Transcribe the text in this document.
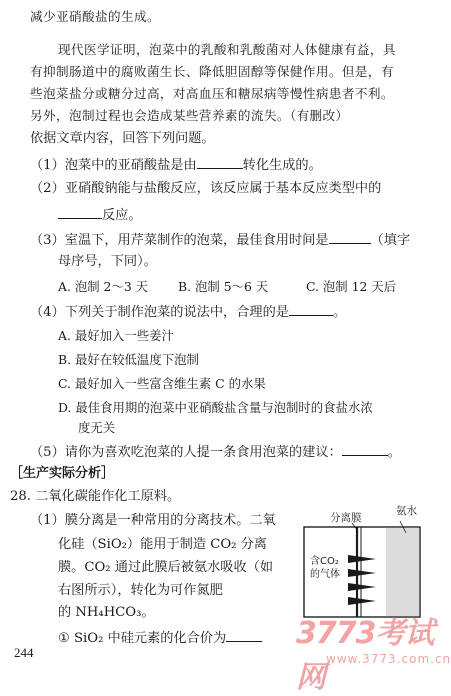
减少亚硝酸盐的生成。
现代医学证明，泡菜中的乳酸和乳酸菌对人体健康有益，具
有抑制肠道中的腐败菌生长、降低胆固醇等保健作用。但是，有
些泡菜盐分或糖分过高，对高血压和糖尿病等慢性病患者不利。
另外，泡制过程也会造成某些营养素的流失。（有删改）
依据文章内容，回答下列问题。
（1）泡菜中的亚硝酸盐是由	转化生成的。
（2）亚硝酸钠能与盐酸反应，该反应属于基本反应类型中的
反应。
（3）室温下，用芹菜制作的泡菜，最佳食用时间是	（填字
母序号，下同）。
A. 泡制 2～3 天 B. 泡制 5～6 天	C. 泡制 12 天后
（4）下列关于制作泡菜的说法中，合理的是	。
A. 最好加入一些姜汁
B. 最好在较低温度下泡制
C. 最好加入一些富含维生素 C 的水果
D. 最佳食用期的泡菜中亚硝酸盐含量与泡制时的食盐水浓
度无关
（5）请你为喜欢吃泡菜的人提一条食用泡菜的建议：	。
［生产实际分析］
28. 二氧化碳能作化工原料。
（1）膜分离是一种常用的分离技术。二氧
化硅（SiO₂）能用于制造 CO₂ 分离
膜。CO₂ 通过此膜后被氨水吸收（如
右图所示），转化为可作氮肥
的 NH₄HCO₃。
① SiO₂ 中硅元素的化合价为
分离膜
氨水
含CO₂
的气体
244
3773考试网
www.3773.com.cn
